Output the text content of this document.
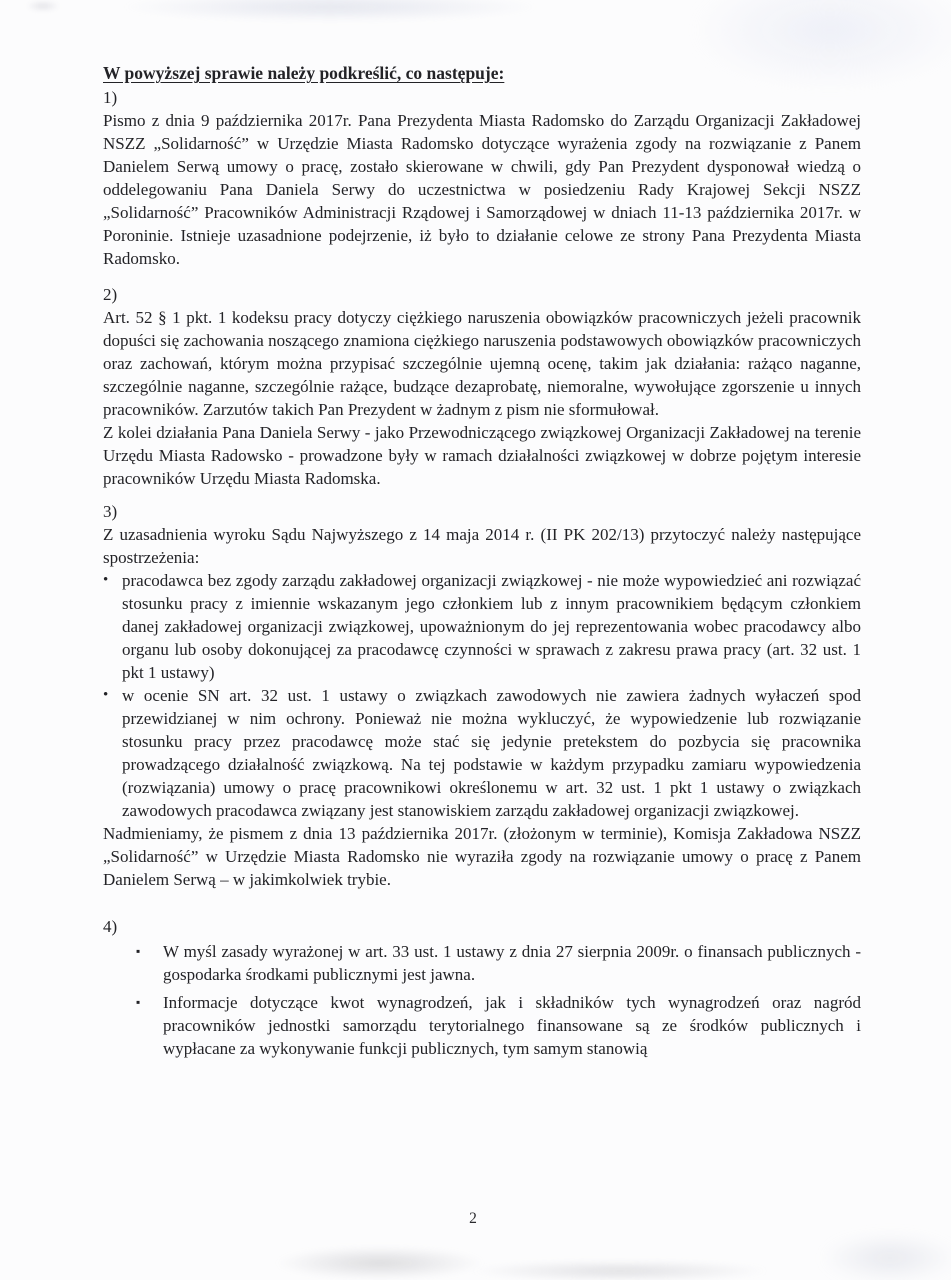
W powyższej sprawie należy podkreślić, co następuje:
1)

Pismo z dnia 9 października 2017r. Pana Prezydenta Miasta Radomsko do Zarządu Organizacji Zakładowej NSZZ „Solidarność” w Urzędzie Miasta Radomsko dotyczące wyrażenia zgody na rozwiązanie z Panem Danielem Serwą umowy o pracę, zostało skierowane w chwili, gdy Pan Prezydent dysponował wiedzą o oddelegowaniu Pana Daniela Serwy do uczestnictwa w posiedzeniu Rady Krajowej Sekcji NSZZ „Solidarność” Pracowników Administracji Rządowej i Samorządowej w dniach 11-13 października 2017r. w Poroninie. Istnieje uzasadnione podejrzenie, iż było to działanie celowe ze strony Pana Prezydenta Miasta Radomsko.

2)

Art. 52 § 1 pkt. 1 kodeksu pracy dotyczy ciężkiego naruszenia obowiązków pracowniczych jeżeli pracownik dopuści się zachowania noszącego znamiona ciężkiego naruszenia podstawowych obowiązków pracowniczych oraz zachowań, którym można przypisać szczególnie ujemną ocenę, takim jak działania: rażąco naganne, szczególnie naganne, szczególnie rażące, budzące dezaprobatę, niemoralne, wywołujące zgorszenie u innych pracowników. Zarzutów takich Pan Prezydent w żadnym z pism nie sformułował.

Z kolei działania Pana Daniela Serwy - jako Przewodniczącego związkowej Organizacji Zakładowej na terenie Urzędu Miasta Radowsko - prowadzone były w ramach działalności związkowej w dobrze pojętym interesie pracowników Urzędu Miasta Radomska.

3)

Z uzasadnienia wyroku Sądu Najwyższego z 14 maja 2014 r. (II PK 202/13) przytoczyć należy następujące spostrzeżenia:

• pracodawca bez zgody zarządu zakładowej organizacji związkowej - nie może wypowiedzieć ani rozwiązać stosunku pracy z imiennie wskazanym jego członkiem lub z innym pracownikiem będącym członkiem danej zakładowej organizacji związkowej, upoważnionym do jej reprezentowania wobec pracodawcy albo organu lub osoby dokonującej za pracodawcę czynności w sprawach z zakresu prawa pracy (art. 32 ust. 1 pkt 1 ustawy)
• w ocenie SN art. 32 ust. 1 ustawy o związkach zawodowych nie zawiera żadnych wyłaczeń spod przewidzianej w nim ochrony. Ponieważ nie można wykluczyć, że wypowiedzenie lub rozwiązanie stosunku pracy przez pracodawcę może stać się jedynie pretekstem do pozbycia się pracownika prowadzącego działalność związkową. Na tej podstawie w każdym przypadku zamiaru wypowiedzenia (rozwiązania) umowy o pracę pracownikowi określonemu w art. 32 ust. 1 pkt 1 ustawy o związkach zawodowych pracodawca związany jest stanowiskiem zarządu zakładowej organizacji związkowej.

Nadmieniamy, że pismem z dnia 13 października 2017r. (złożonym w terminie), Komisja Zakładowa NSZZ „Solidarność” w Urzędzie Miasta Radomsko nie wyraziła zgody na rozwiązanie umowy o pracę z Panem Danielem Serwą – w jakimkolwiek trybie.

4)
▪	W myśl zasady wyrażonej w art. 33 ust. 1 ustawy z dnia 27 sierpnia 2009r. o finansach publicznych - gospodarka środkami publicznymi jest jawna.
▪	Informacje dotyczące kwot wynagrodzeń, jak i składników tych wynagrodzeń oraz nagród pracowników jednostki samorządu terytorialnego finansowane są ze środków publicznych i wypłacane za wykonywanie funkcji publicznych, tym samym stanowią
2
